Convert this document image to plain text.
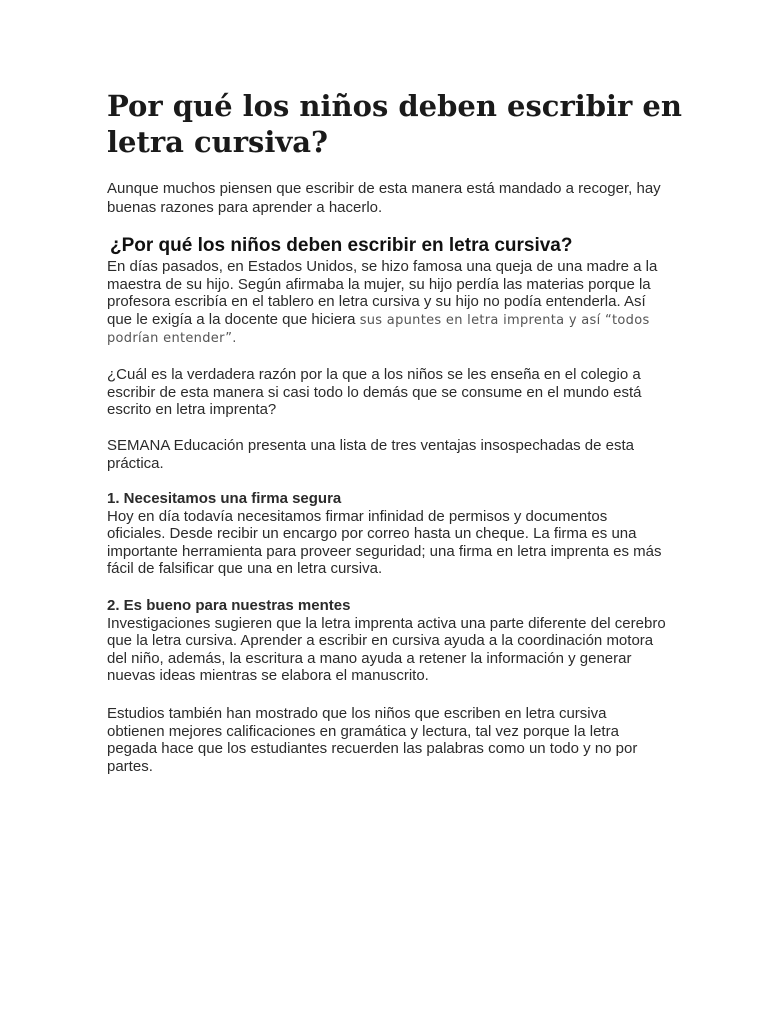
Por qué los niños deben escribir en letra cursiva?

Aunque muchos piensen que escribir de esta manera está mandado a recoger, hay buenas razones para aprender a hacerlo.

¿Por qué los niños deben escribir en letra cursiva?

En días pasados, en Estados Unidos, se hizo famosa una queja de una madre a la maestra de su hijo. Según afirmaba la mujer, su hijo perdía las materias porque la profesora escribía en el tablero en letra cursiva y su hijo no podía entenderla. Así que le exigía a la docente que hiciera sus apuntes en letra imprenta y así “todos podrían entender”.

¿Cuál es la verdadera razón por la que a los niños se les enseña en el colegio a escribir de esta manera si casi todo lo demás que se consume en el mundo está escrito en letra imprenta?

SEMANA Educación presenta una lista de tres ventajas insospechadas de esta práctica.

1. Necesitamos una firma segura

Hoy en día todavía necesitamos firmar infinidad de permisos y documentos oficiales. Desde recibir un encargo por correo hasta un cheque. La firma es una importante herramienta para proveer seguridad; una firma en letra imprenta es más fácil de falsificar que una en letra cursiva.

2. Es bueno para nuestras mentes

Investigaciones sugieren que la letra imprenta activa una parte diferente del cerebro que la letra cursiva. Aprender a escribir en cursiva ayuda a la coordinación motora del niño, además, la escritura a mano ayuda a retener la información y generar nuevas ideas mientras se elabora el manuscrito.

Estudios también han mostrado que los niños que escriben en letra cursiva obtienen mejores calificaciones en gramática y lectura, tal vez porque la letra pegada hace que los estudiantes recuerden las palabras como un todo y no por partes.
